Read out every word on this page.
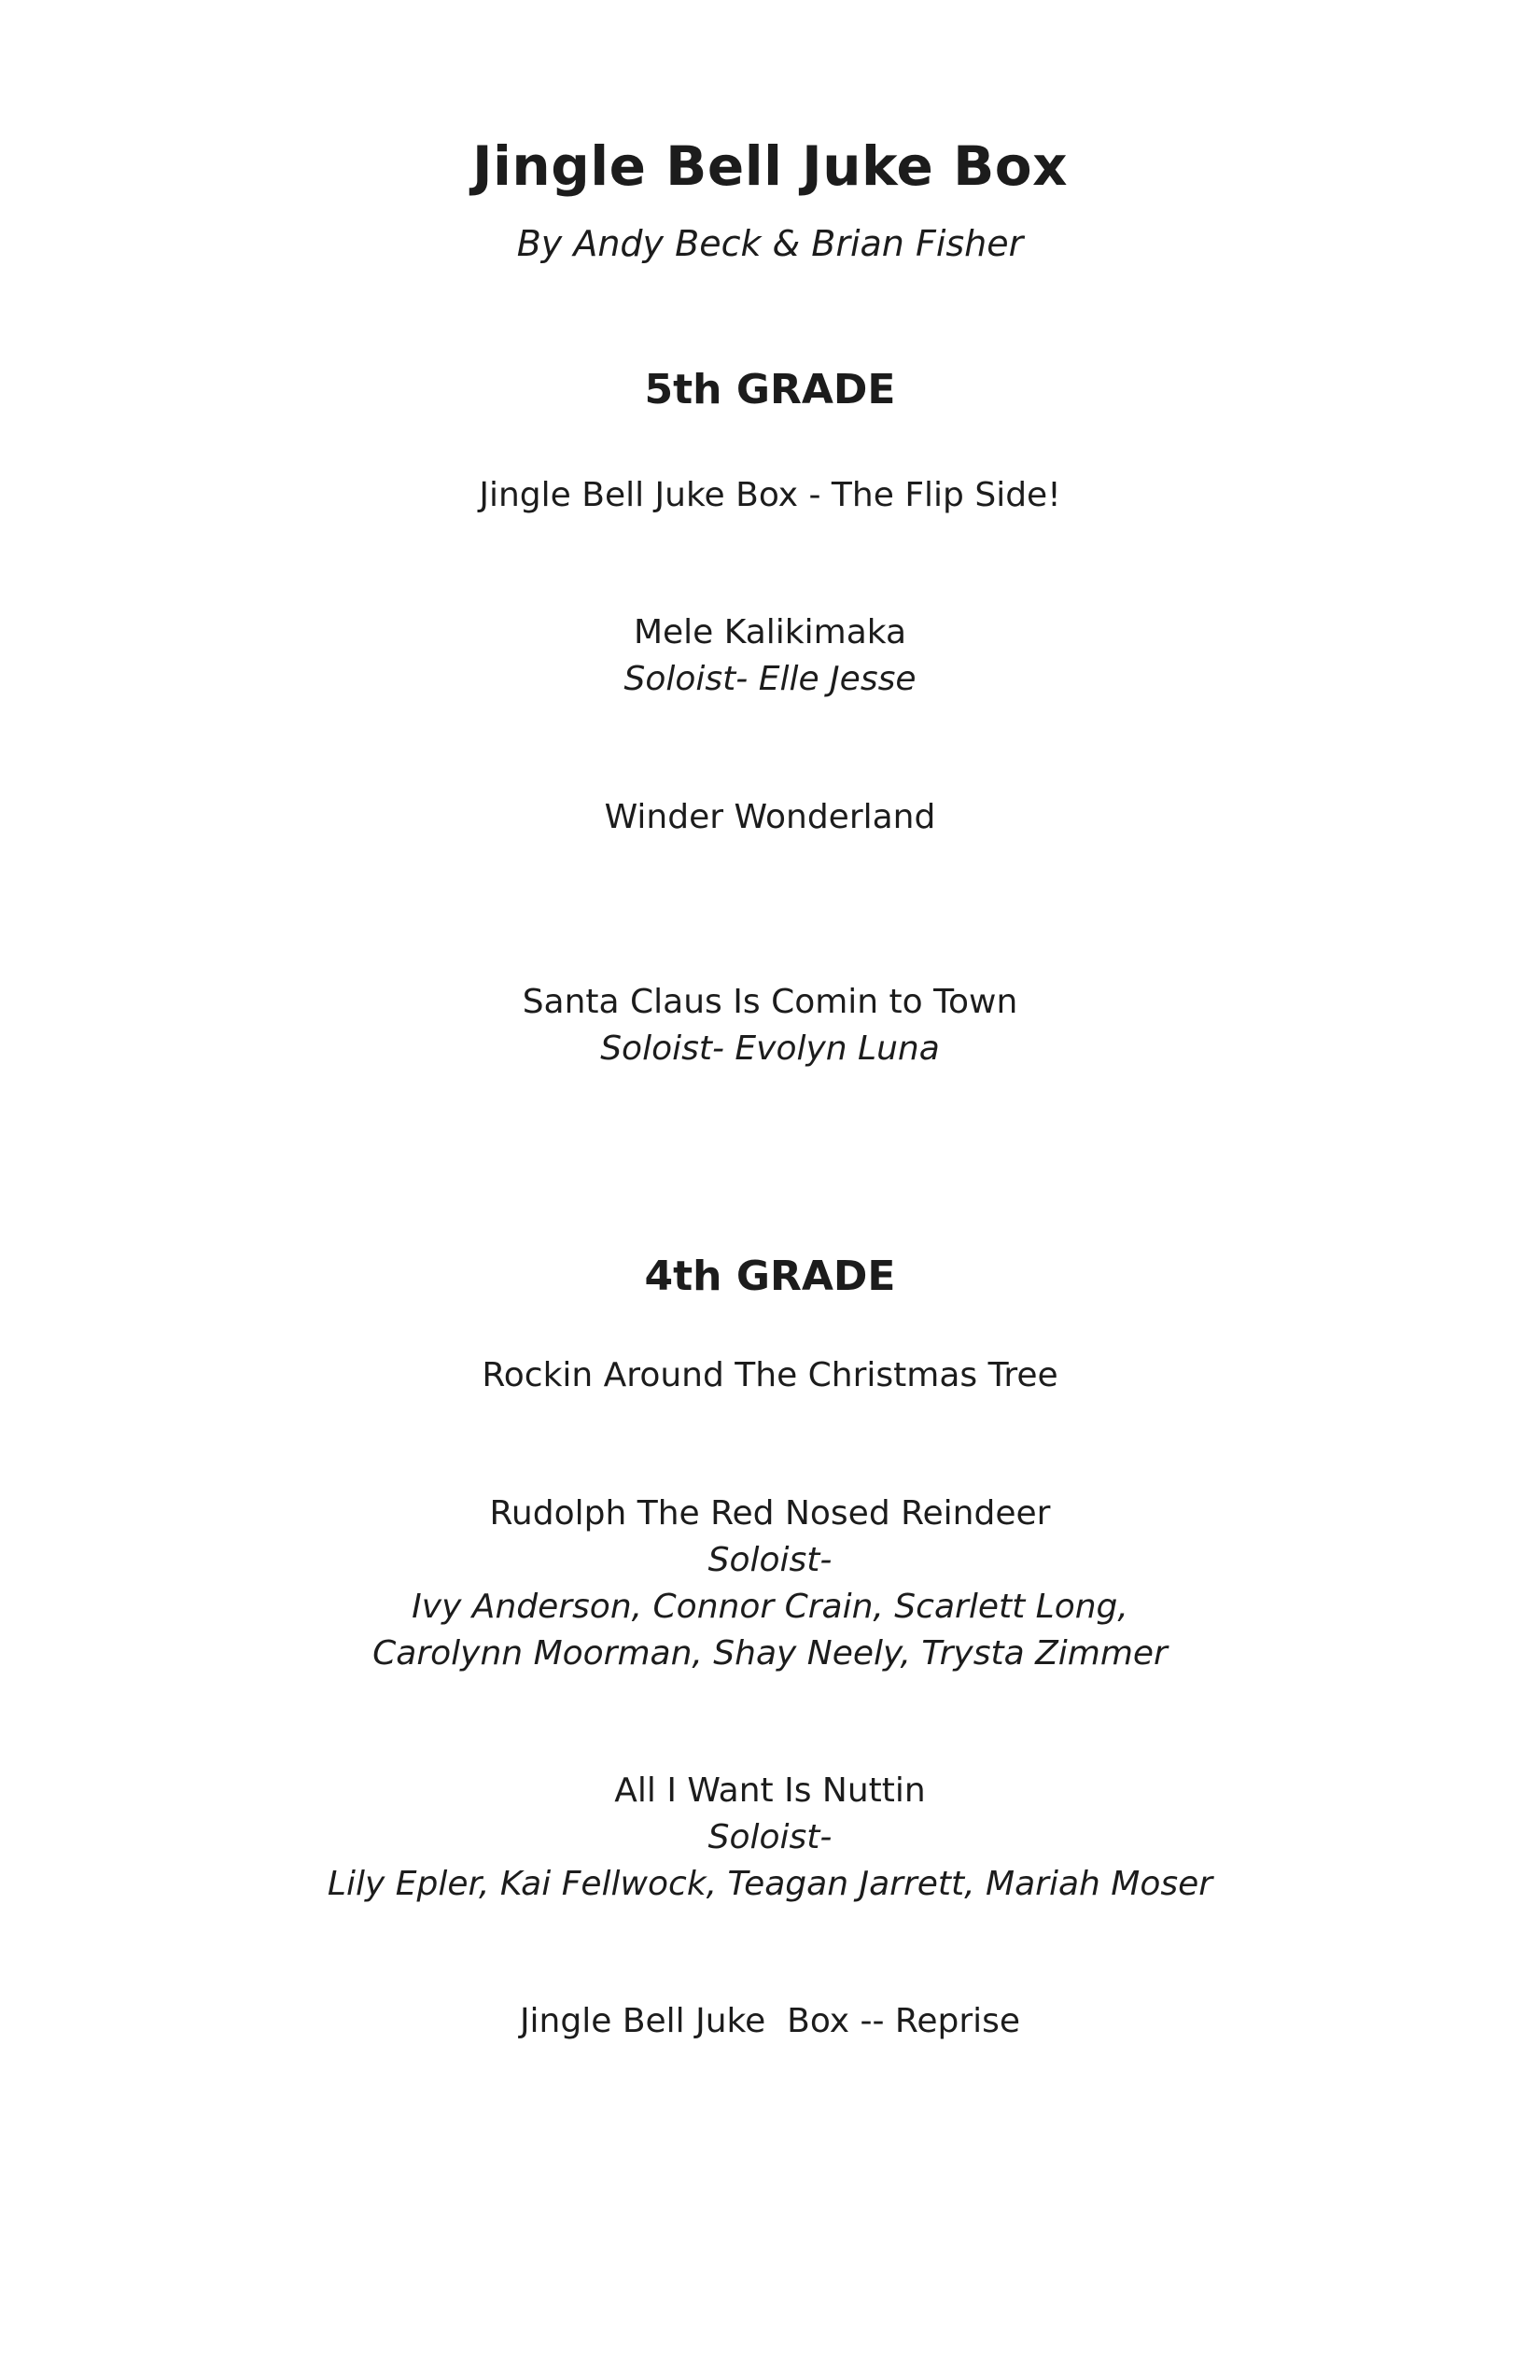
Jingle Bell Juke Box
By Andy Beck & Brian Fisher
5th GRADE
Jingle Bell Juke Box - The Flip Side!
Mele Kalikimaka
Soloist- Elle Jesse
Winder Wonderland
Santa Claus Is Comin to Town
Soloist- Evolyn Luna
4th GRADE
Rockin Around The Christmas Tree
Rudolph The Red Nosed Reindeer
Soloist-
Ivy Anderson, Connor Crain, Scarlett Long,
Carolynn Moorman, Shay Neely, Trysta Zimmer
All I Want Is Nuttin
Soloist-
Lily Epler, Kai Fellwock, Teagan Jarrett, Mariah Moser
Jingle Bell Juke  Box -- Reprise
